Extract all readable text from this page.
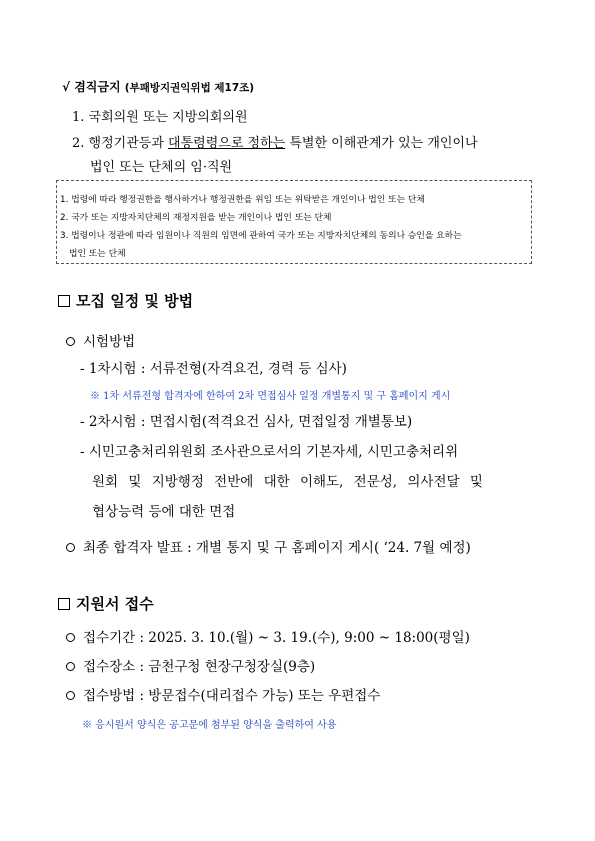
√ 겸직금지 (부패방지권익위법 제17조)
1. 국회의원 또는 지방의회의원
2. 행정기관등과 대통령령으로 정하는 특별한 이해관계가 있는 개인이나
법인 또는 단체의 임·직원
1. 법령에 따라 행정권한을 행사하거나 행정권한을 위임 또는 위탁받은 개인이나 법인 또는 단체
2. 국가 또는 지방자치단체의 재정지원을 받는 개인이나 법인 또는 단체
3. 법령이나 정관에 따라 임원이나 직원의 임면에 관하여 국가 또는 지방자치단체의 동의나 승인을 요하는
법인 또는 단체
모집 일정 및 방법
시험방법
- 1차시험 : 서류전형(자격요건, 경력 등 심사)
※ 1차 서류전형 합격자에 한하여 2차 면접심사 일정 개별통지 및 구 홈페이지 게시
- 2차시험 : 면접시험(적격요건 심사, 면접일정 개별통보)
- 시민고충처리위원회 조사관으로서의 기본자세, 시민고충처리위
원회 및 지방행정 전반에 대한 이해도, 전문성, 의사전달 및
협상능력 등에 대한 면접
최종 합격자 발표 : 개별 통지 및 구 홈페이지 게시( ‘24. 7월 예정)
지원서 접수
접수기간 : 2025. 3. 10.(월) ~ 3. 19.(수), 9:00 ~ 18:00(평일)
접수장소 : 금천구청 현장구청장실(9층)
접수방법 : 방문접수(대리접수 가능) 또는 우편접수
※ 응시원서 양식은 공고문에 첨부된 양식을 출력하여 사용
